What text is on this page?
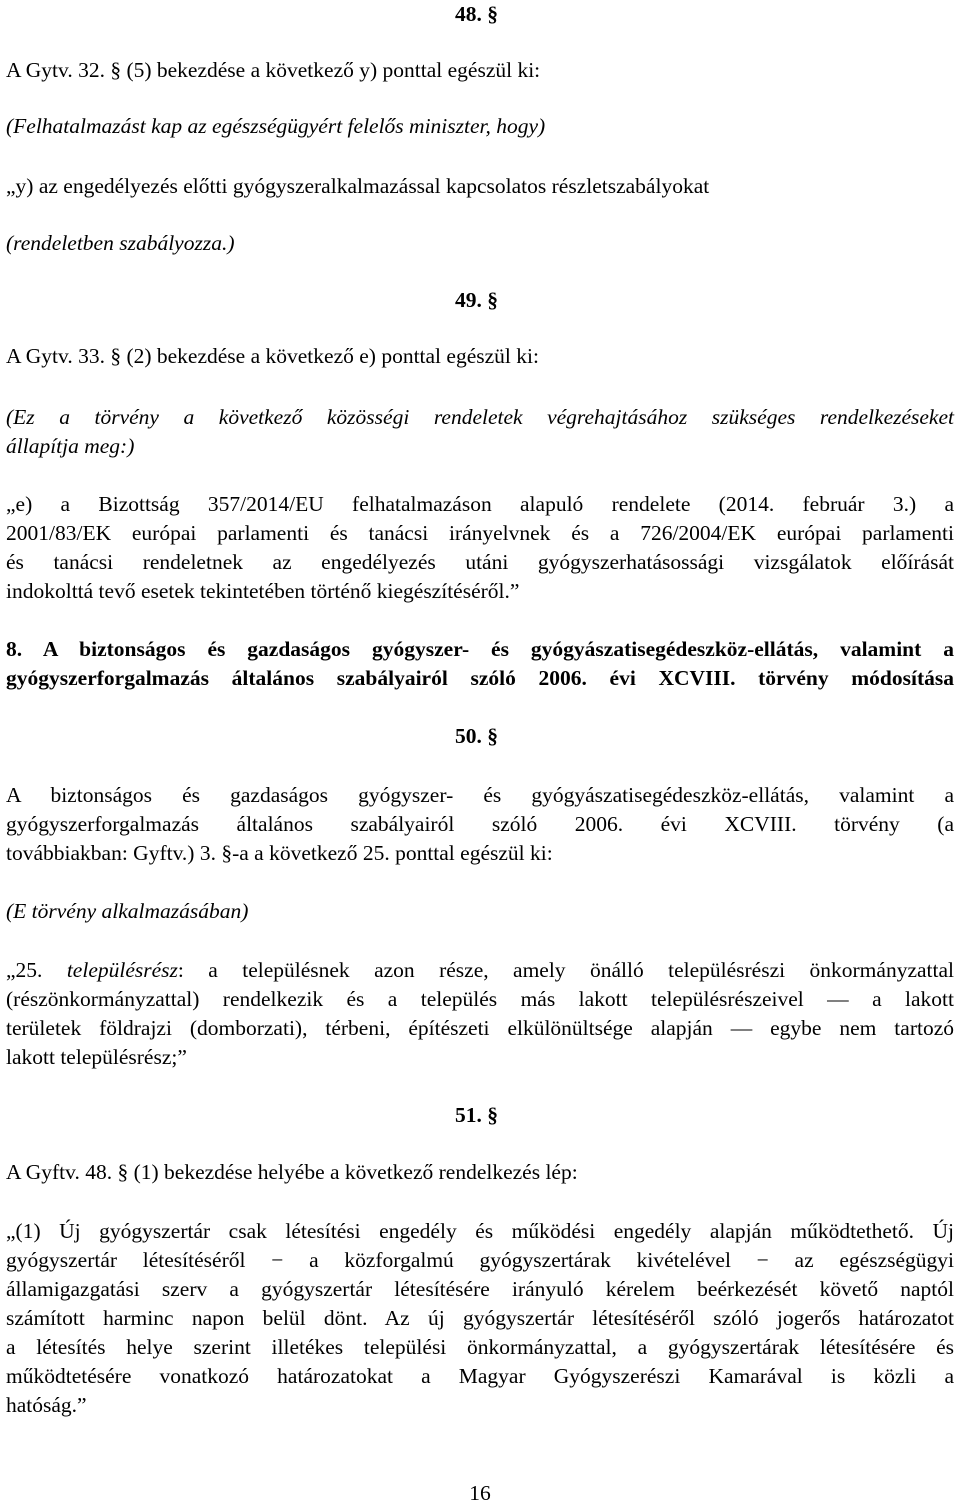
48. §
A Gytv. 32. § (5) bekezdése a következő y) ponttal egészül ki:
(Felhatalmazást kap az egészségügyért felelős miniszter, hogy)
„y) az engedélyezés előtti gyógyszeralkalmazással kapcsolatos részletszabályokat
(rendeletben szabályozza.)
49. §
A Gytv. 33. § (2) bekezdése a következő e) ponttal egészül ki:
(Ez a törvény a következő közösségi rendeletek végrehajtásához szükséges rendelkezéseket
állapítja meg:)
„e) a Bizottság 357/2014/EU felhatalmazáson alapuló rendelete (2014. február 3.) a
2001/83/EK európai parlamenti és tanácsi irányelvnek és a 726/2004/EK európai parlamenti
és tanácsi rendeletnek az engedélyezés utáni gyógyszerhatásossági vizsgálatok előírását
indokolttá tevő esetek tekintetében történő kiegészítéséről.”
8. A biztonságos és gazdaságos gyógyszer- és gyógyászatisegédeszköz-ellátás, valamint a
gyógyszerforgalmazás általános szabályairól szóló 2006. évi XCVIII. törvény módosítása
50. §
A biztonságos és gazdaságos gyógyszer- és gyógyászatisegédeszköz-ellátás, valamint a
gyógyszerforgalmazás általános szabályairól szóló 2006. évi XCVIII. törvény (a
továbbiakban: Gyftv.) 3. §-a a következő 25. ponttal egészül ki:
(E törvény alkalmazásában)
„25. településrész: a településnek azon része, amely önálló településrészi önkormányzattal
(részönkormányzattal) rendelkezik és a település más lakott településrészeivel — a lakott
területek földrajzi (domborzati), térbeni, építészeti elkülönültsége alapján — egybe nem tartozó
lakott településrész;”
51. §
A Gyftv. 48. § (1) bekezdése helyébe a következő rendelkezés lép:
„(1) Új gyógyszertár csak létesítési engedély és működési engedély alapján működtethető. Új
gyógyszertár létesítéséről − a közforgalmú gyógyszertárak kivételével − az egészségügyi
államigazgatási szerv a gyógyszertár létesítésére irányuló kérelem beérkezését követő naptól
számított harminc napon belül dönt. Az új gyógyszertár létesítéséről szóló jogerős határozatot
a létesítés helye szerint illetékes települési önkormányzattal, a gyógyszertárak létesítésére és
működtetésére vonatkozó határozatokat a Magyar Gyógyszerészi Kamarával is közli a
hatóság.”
16
